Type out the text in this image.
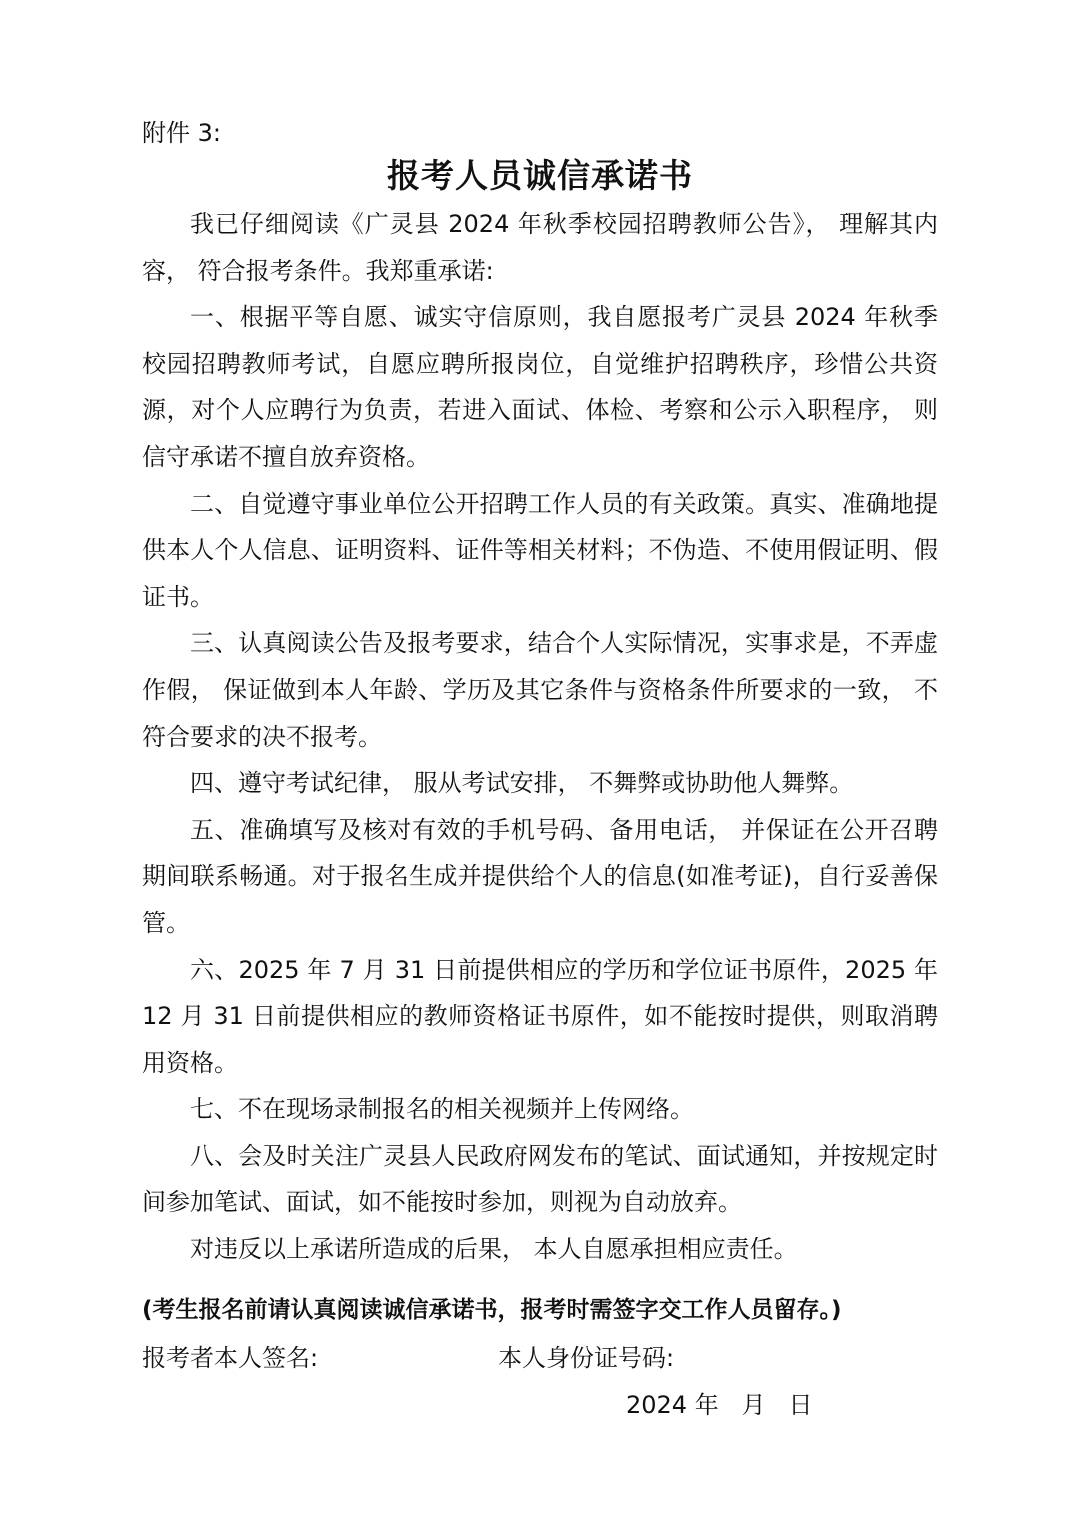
附件 3:
报考人员诚信承诺书

我已仔细阅读《广灵县 2024 年秋季校园招聘教师公告》， 理解其内容， 符合报考条件。我郑重承诺:

一、根据平等自愿、诚实守信原则，我自愿报考广灵县 2024 年秋季校园招聘教师考试，自愿应聘所报岗位，自觉维护招聘秩序，珍惜公共资源，对个人应聘行为负责，若进入面试、体检、考察和公示入职程序， 则信守承诺不擅自放弃资格。

二、自觉遵守事业单位公开招聘工作人员的有关政策。真实、准确地提供本人个人信息、证明资料、证件等相关材料；不伪造、不使用假证明、假证书。

三、认真阅读公告及报考要求，结合个人实际情况，实事求是，不弄虚作假， 保证做到本人年龄、学历及其它条件与资格条件所要求的一致， 不符合要求的决不报考。

四、遵守考试纪律， 服从考试安排， 不舞弊或协助他人舞弊。

五、准确填写及核对有效的手机号码、备用电话， 并保证在公开召聘期间联系畅通。对于报名生成并提供给个人的信息(如准考证)，自行妥善保管。

六、2025 年 7 月 31 日前提供相应的学历和学位证书原件，2025 年 12 月 31 日前提供相应的教师资格证书原件，如不能按时提供，则取消聘用资格。

七、不在现场录制报名的相关视频并上传网络。

八、会及时关注广灵县人民政府网发布的笔试、面试通知，并按规定时间参加笔试、面试，如不能按时参加，则视为自动放弃。

对违反以上承诺所造成的后果， 本人自愿承担相应责任。

(考生报名前请认真阅读诚信承诺书，报考时需签字交工作人员留存。)
报考者本人签名:	本人身份证号码:
2024 年   月   日
